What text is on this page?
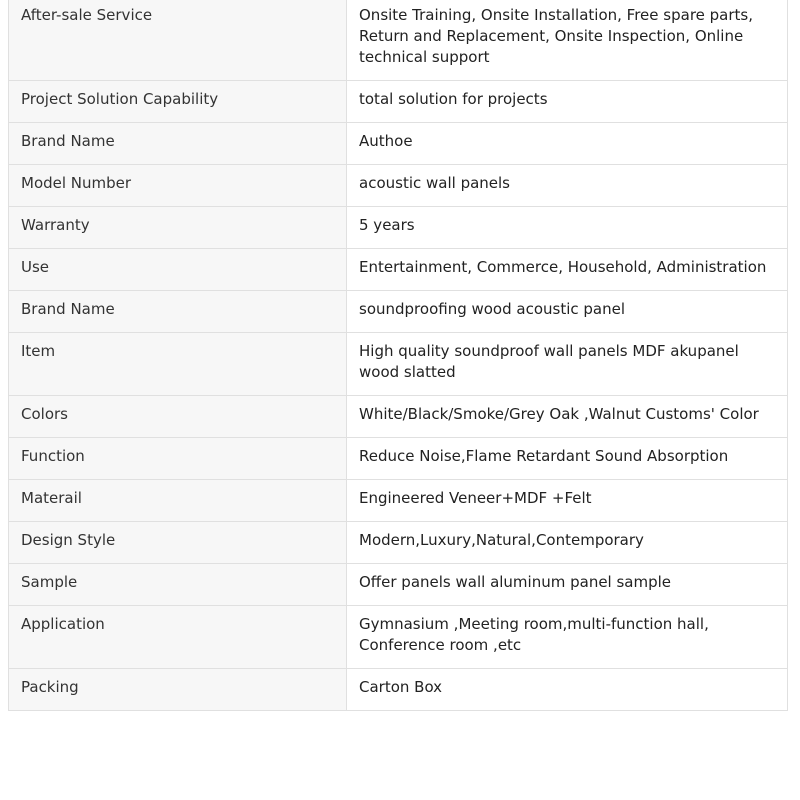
After-sale Service	Onsite Training, Onsite Installation, Free spare parts, Return and Replacement, Onsite Inspection, Online technical support
Project Solution Capability	total solution for projects
Brand Name	Authoe
Model Number	acoustic wall panels
Warranty	5 years
Use	Entertainment, Commerce, Household, Administration
Brand Name	soundproofing wood acoustic panel
Item	High quality soundproof wall panels MDF akupanel wood slatted
Colors	White/Black/Smoke/Grey Oak ,Walnut Customs' Color
Function	Reduce Noise,Flame Retardant Sound Absorption
Materail	Engineered Veneer+MDF +Felt
Design Style	Modern,Luxury,Natural,Contemporary
Sample	Offer panels wall aluminum panel sample
Application	Gymnasium ,Meeting room,multi-function hall, Conference room ,etc
Packing	Carton Box
